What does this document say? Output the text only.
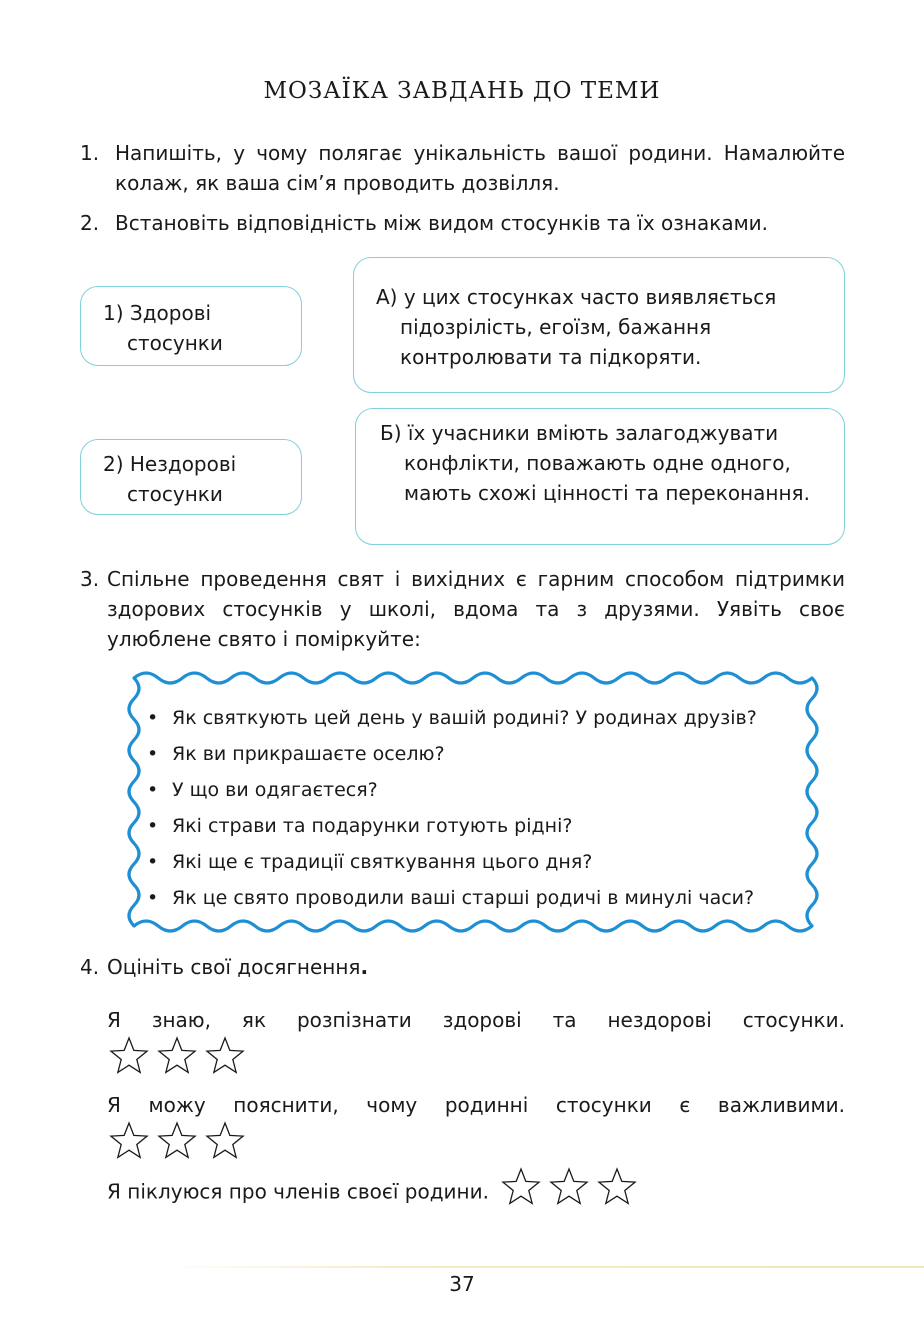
МОЗАЇКА ЗАВДАНЬ ДО ТЕМИ
1. Напишіть, у чому полягає унікальність вашої родини. Намалюйте колаж, як ваша сім’я проводить дозвілля.
2. Встановіть відповідність між видом стосунків та їх ознаками.
1) Здорові стосунки
2) Нездорові стосунки
А) у цих стосунках часто виявляється підозрілість, егоїзм, бажання контролювати та підкоряти.
Б) їх учасники вміють залагоджувати конфлікти, поважають одне одного, мають схожі цінності та переконання.
3. Спільне проведення свят і вихідних є гарним способом підтримки здорових стосунків у школі, вдома та з друзями. Уявіть своє улюблене свято і поміркуйте:
• Як святкують цей день у вашій родині? У родинах друзів?
• Як ви прикрашаєте оселю?
• У що ви одягаєтеся?
• Які страви та подарунки готують рідні?
• Які ще є традиції святкування цього дня?
• Як це свято проводили ваші старші родичі в минулі часи?
4. Оцініть свої досягнення.
Я знаю, як розпізнати здорові та нездорові стосунки.
Я можу пояснити, чому родинні стосунки є важливими.
Я піклуюся про членів своєї родини.
37
